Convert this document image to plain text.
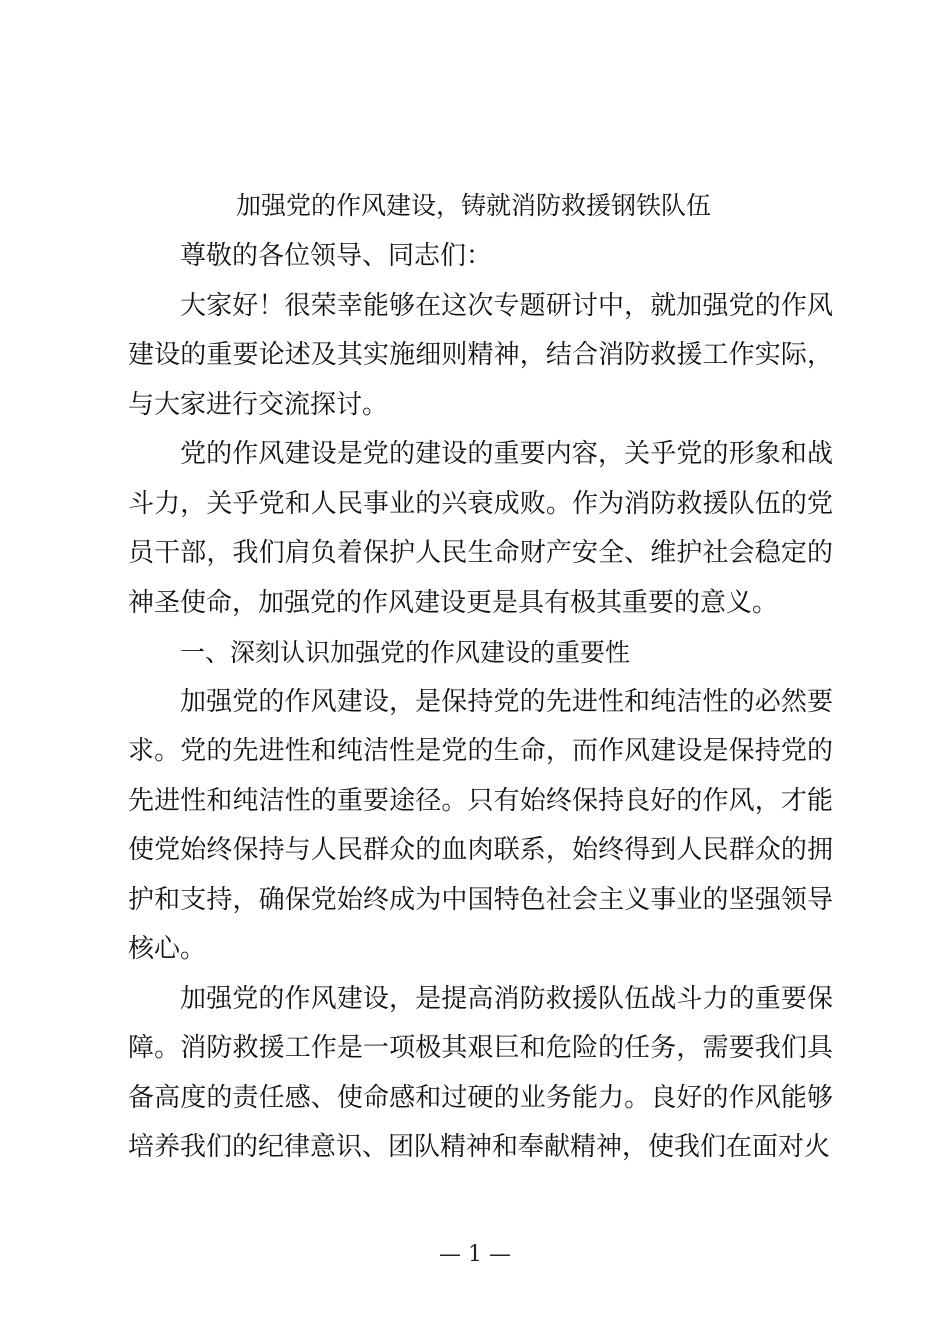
加强党的作风建设，铸就消防救援钢铁队伍

尊敬的各位领导、同志们：

大家好！很荣幸能够在这次专题研讨中，就加强党的作风建设的重要论述及其实施细则精神，结合消防救援工作实际，与大家进行交流探讨。

党的作风建设是党的建设的重要内容，关乎党的形象和战斗力，关乎党和人民事业的兴衰成败。作为消防救援队伍的党员干部，我们肩负着保护人民生命财产安全、维护社会稳定的神圣使命，加强党的作风建设更是具有极其重要的意义。

一、深刻认识加强党的作风建设的重要性

加强党的作风建设，是保持党的先进性和纯洁性的必然要求。党的先进性和纯洁性是党的生命，而作风建设是保持党的先进性和纯洁性的重要途径。只有始终保持良好的作风，才能使党始终保持与人民群众的血肉联系，始终得到人民群众的拥护和支持，确保党始终成为中国特色社会主义事业的坚强领导核心。

加强党的作风建设，是提高消防救援队伍战斗力的重要保障。消防救援工作是一项极其艰巨和危险的任务，需要我们具备高度的责任感、使命感和过硬的业务能力。良好的作风能够培养我们的纪律意识、团队精神和奉献精神，使我们在面对火

— 1 —
